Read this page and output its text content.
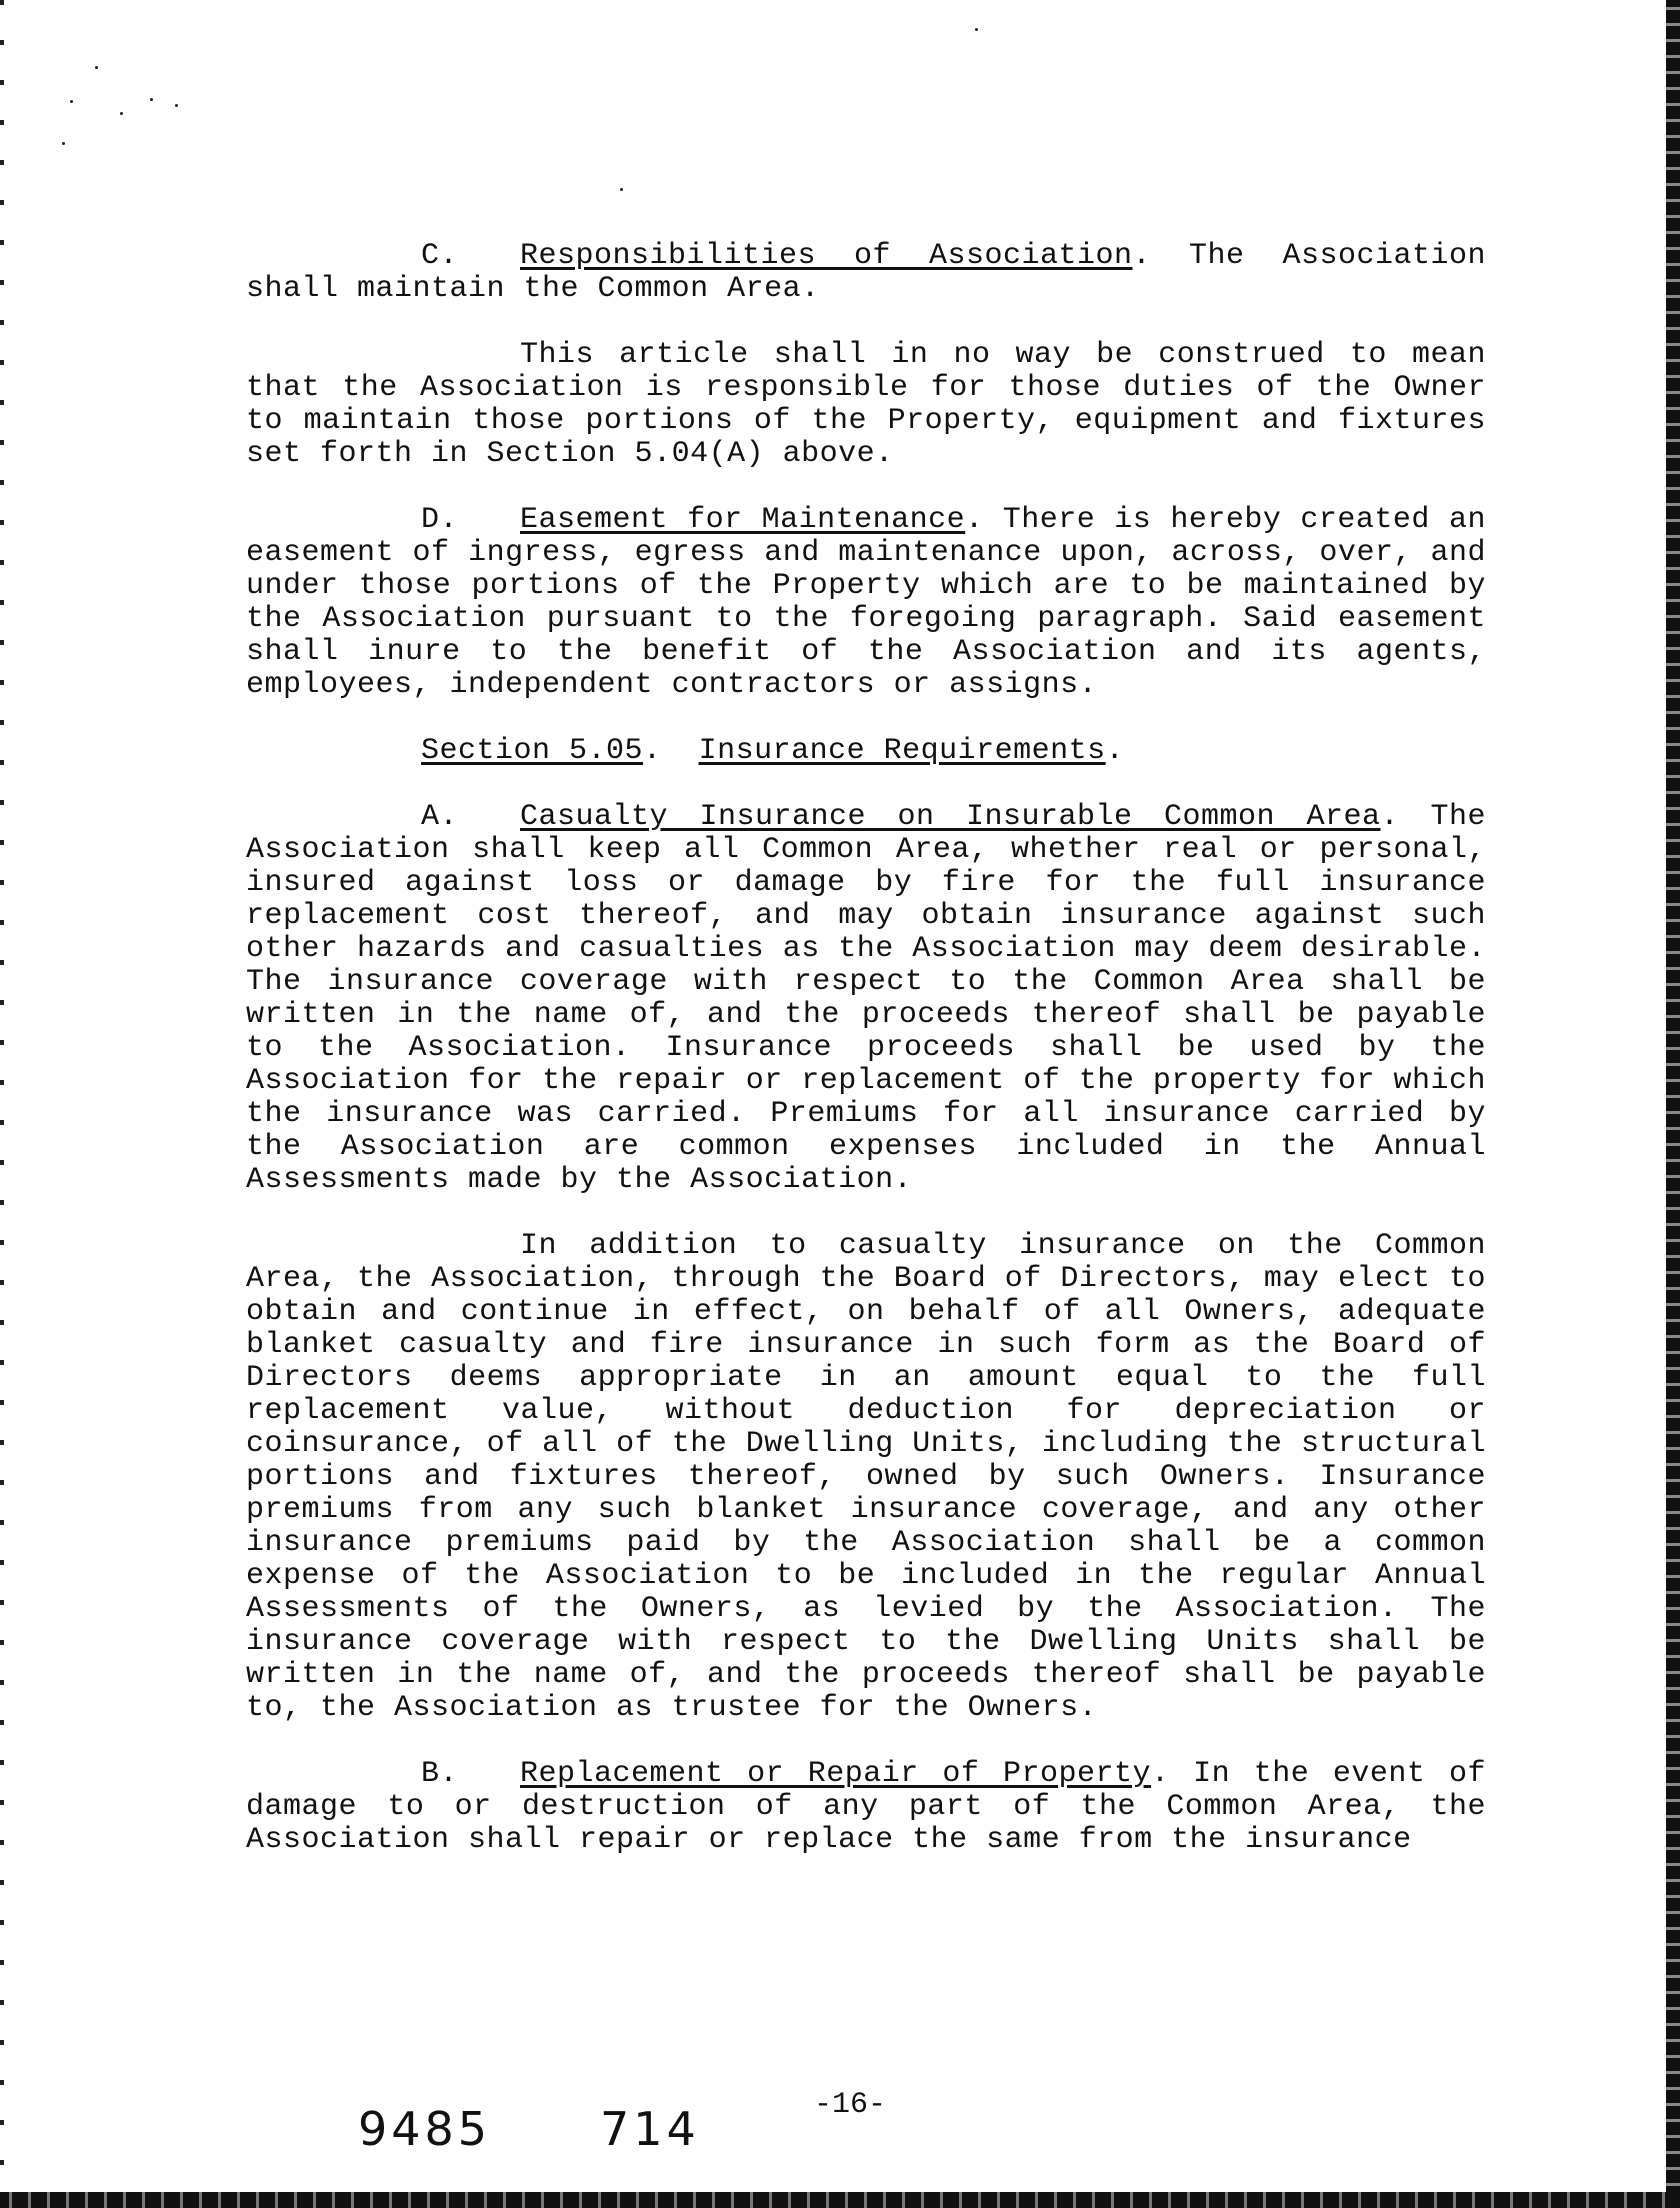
C. Responsibilities of Association. The Association shall maintain the Common Area.

This article shall in no way be construed to mean that the Association is responsible for those duties of the Owner to maintain those portions of the Property, equipment and fixtures set forth in Section 5.04(A) above.

D. Easement for Maintenance. There is hereby created an easement of ingress, egress and maintenance upon, across, over, and under those portions of the Property which are to be maintained by the Association pursuant to the foregoing paragraph. Said easement shall inure to the benefit of the Association and its agents, employees, independent contractors or assigns.

Section 5.05.  Insurance Requirements.

A. Casualty Insurance on Insurable Common Area. The Association shall keep all Common Area, whether real or personal, insured against loss or damage by fire for the full insurance replacement cost thereof, and may obtain insurance against such other hazards and casualties as the Association may deem desirable. The insurance coverage with respect to the Common Area shall be written in the name of, and the proceeds thereof shall be payable to the Association. Insurance proceeds shall be used by the Association for the repair or replacement of the property for which the insurance was carried. Premiums for all insurance carried by the Association are common expenses included in the Annual Assessments made by the Association.

In addition to casualty insurance on the Common Area, the Association, through the Board of Directors, may elect to obtain and continue in effect, on behalf of all Owners, adequate blanket casualty and fire insurance in such form as the Board of Directors deems appropriate in an amount equal to the full replacement value, without deduction for depreciation or coinsurance, of all of the Dwelling Units, including the structural portions and fixtures thereof, owned by such Owners. Insurance premiums from any such blanket insurance coverage, and any other insurance premiums paid by the Association shall be a common expense of the Association to be included in the regular Annual Assessments of the Owners, as levied by the Association. The insurance coverage with respect to the Dwelling Units shall be written in the name of, and the proceeds thereof shall be payable to, the Association as trustee for the Owners.

B. Replacement or Repair of Property. In the event of damage to or destruction of any part of the Common Area, the Association shall repair or replace the same from the insurance

9485 714	-16-
